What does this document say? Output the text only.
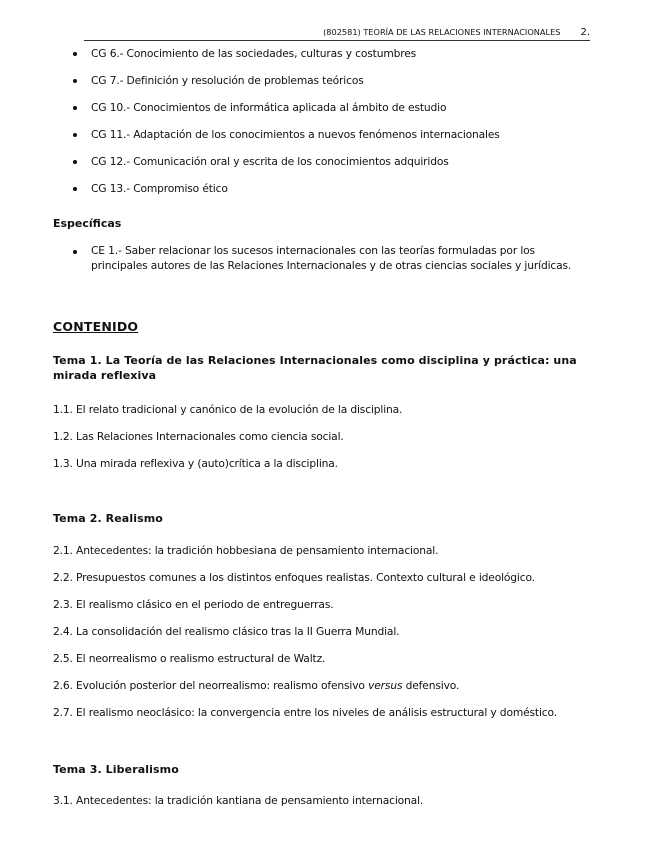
(802581) TEORÍA DE LAS RELACIONES INTERNACIONALES 2.
CG 6.- Conocimiento de las sociedades, culturas y costumbres
CG 7.- Definición y resolución de problemas teóricos
CG 10.- Conocimientos de informática aplicada al ámbito de estudio
CG 11.- Adaptación de los conocimientos a nuevos fenómenos internacionales
CG 12.- Comunicación oral y escrita de los conocimientos adquiridos
CG 13.- Compromiso ético
Específicas
CE 1.- Saber relacionar los sucesos internacionales con las teorías formuladas por los principales autores de las Relaciones Internacionales y de otras ciencias sociales y jurídicas.
CONTENIDO
Tema 1. La Teoría de las Relaciones Internacionales como disciplina y práctica: una mirada reflexiva
1.1. El relato tradicional y canónico de la evolución de la disciplina.
1.2. Las Relaciones Internacionales como ciencia social.
1.3. Una mirada reflexiva y (auto)crítica a la disciplina.
Tema 2. Realismo
2.1. Antecedentes: la tradición hobbesiana de pensamiento internacional.
2.2. Presupuestos comunes a los distintos enfoques realistas. Contexto cultural e ideológico.
2.3. El realismo clásico en el periodo de entreguerras.
2.4. La consolidación del realismo clásico tras la II Guerra Mundial.
2.5. El neorrealismo o realismo estructural de Waltz.
2.6. Evolución posterior del neorrealismo: realismo ofensivo versus defensivo.
2.7. El realismo neoclásico: la convergencia entre los niveles de análisis estructural y doméstico.
Tema 3. Liberalismo
3.1. Antecedentes: la tradición kantiana de pensamiento internacional.
